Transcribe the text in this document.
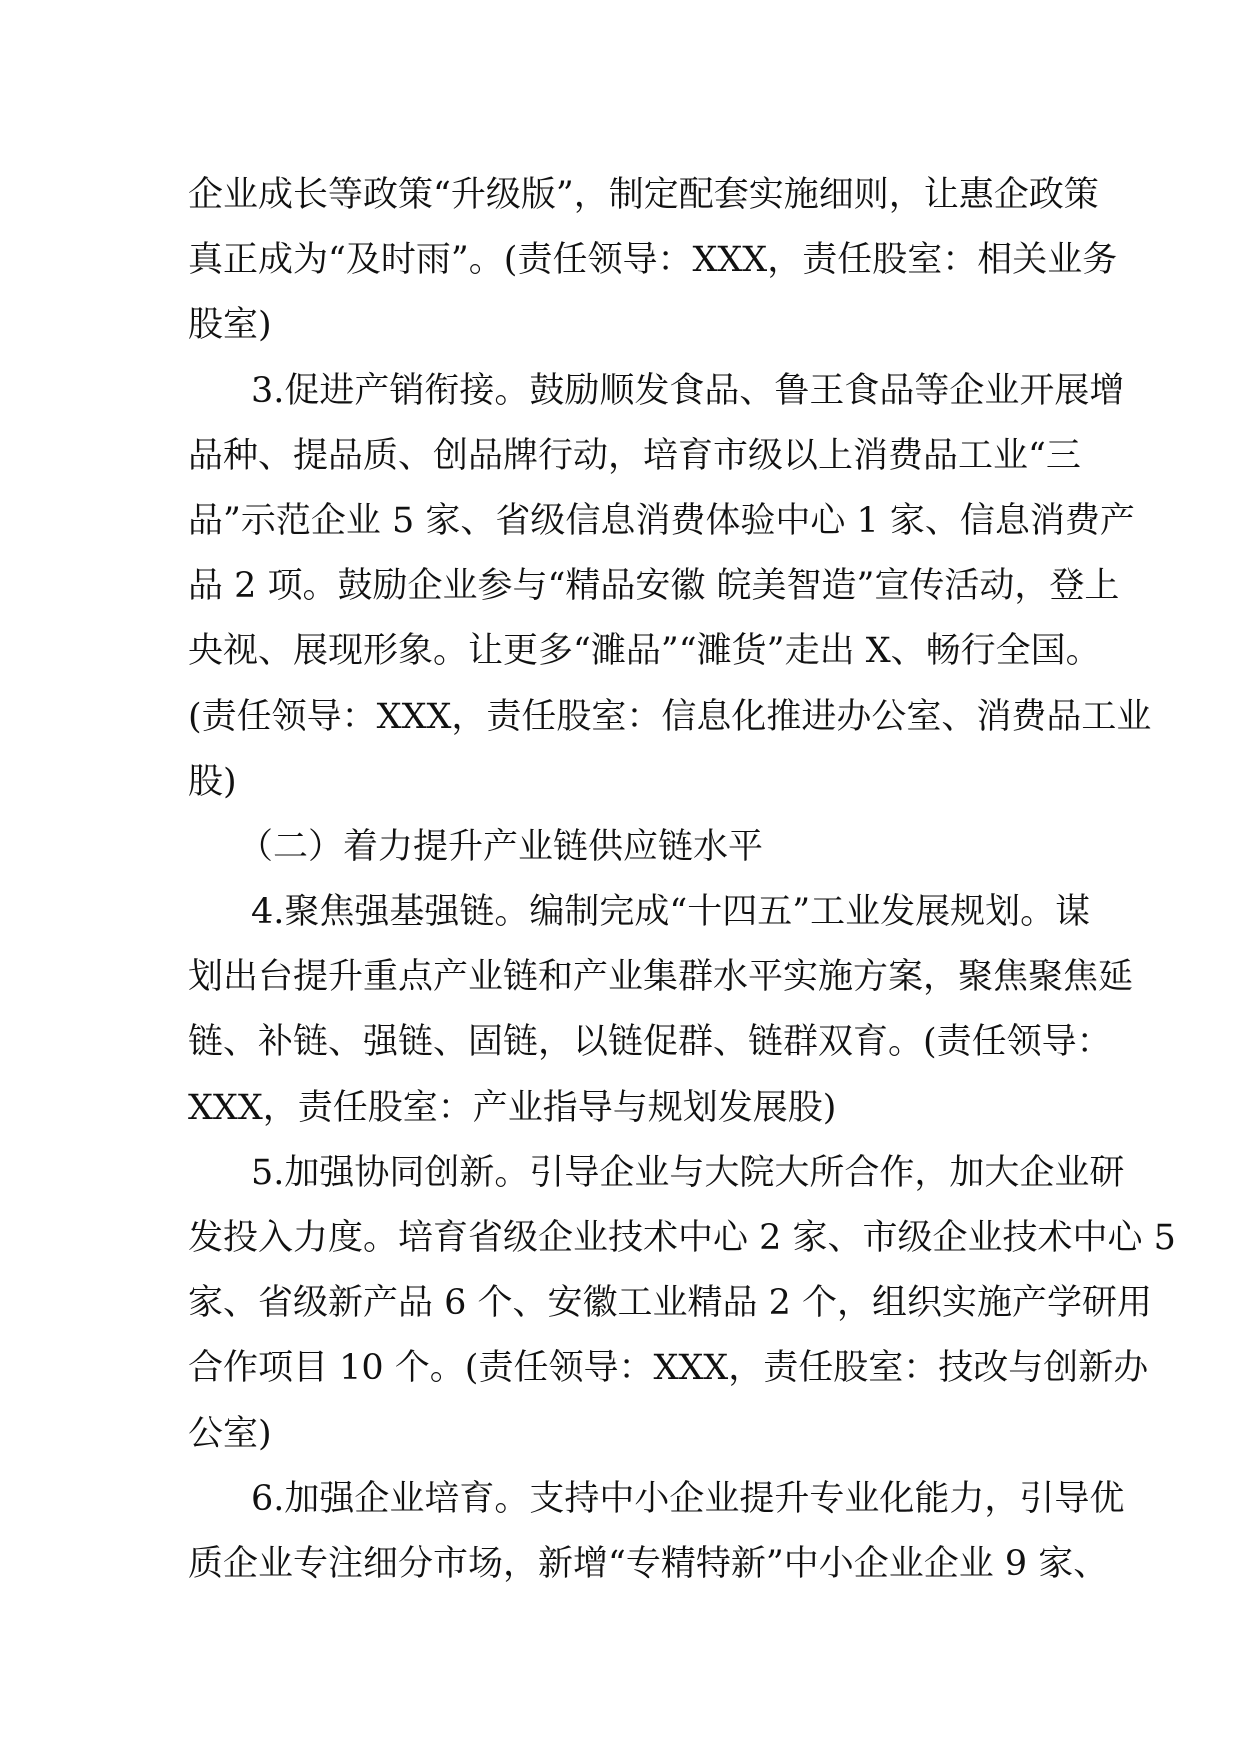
企业成长等政策“升级版”，制定配套实施细则，让惠企政策
真正成为“及时雨”。(责任领导：XXX，责任股室：相关业务
股室)
3.促进产销衔接。鼓励顺发食品、鲁王食品等企业开展增
品种、提品质、创品牌行动，培育市级以上消费品工业“三
品”示范企业 5 家、省级信息消费体验中心 1 家、信息消费产
品 2 项。鼓励企业参与“精品安徽 皖美智造”宣传活动，登上
央视、展现形象。让更多“濉品”“濉货”走出 X、畅行全国。
(责任领导：XXX，责任股室：信息化推进办公室、消费品工业
股)
（二）着力提升产业链供应链水平
4.聚焦强基强链。编制完成“十四五”工业发展规划。谋
划出台提升重点产业链和产业集群水平实施方案，聚焦聚焦延
链、补链、强链、固链，以链促群、链群双育。(责任领导：
XXX，责任股室：产业指导与规划发展股)
5.加强协同创新。引导企业与大院大所合作，加大企业研
发投入力度。培育省级企业技术中心 2 家、市级企业技术中心 5
家、省级新产品 6 个、安徽工业精品 2 个，组织实施产学研用
合作项目 10 个。(责任领导：XXX，责任股室：技改与创新办
公室)
6.加强企业培育。支持中小企业提升专业化能力，引导优
质企业专注细分市场，新增“专精特新”中小企业企业 9 家、
